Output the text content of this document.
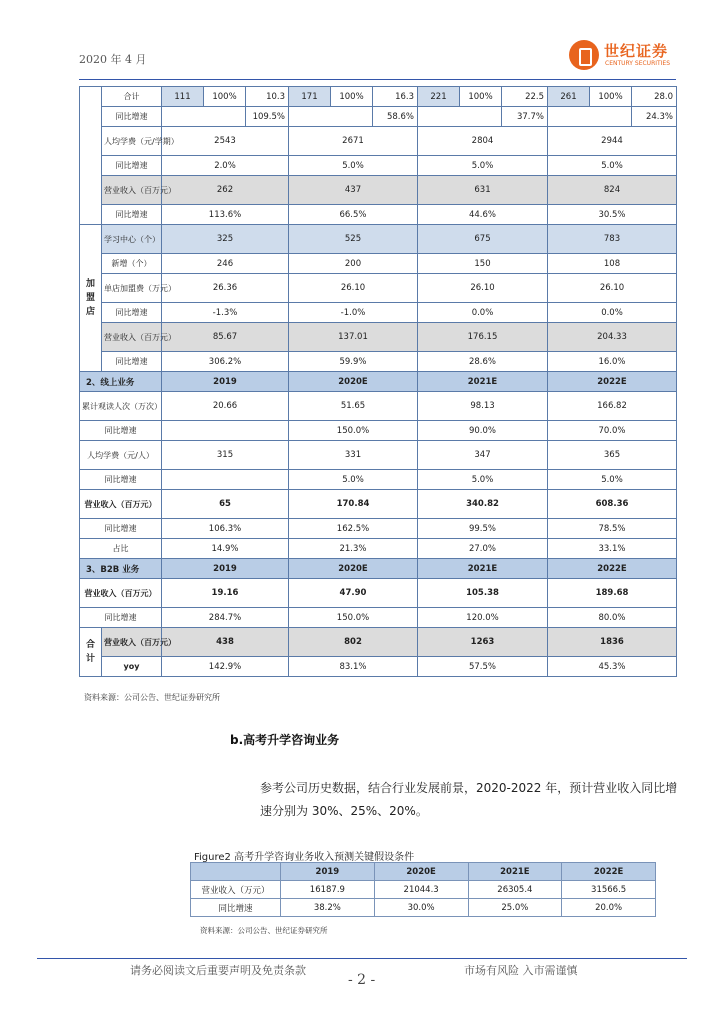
2020 年 4 月	世纪证券
CENTURY SECURITIES
	合计	111	100%	10.3	171	100%	16.3	221	100%	22.5	261	100%	28.0
	同比增速			109.5%			58.6%			37.7%			24.3%
	人均学费（元/学期）	2543			2671			2804			2944		
	同比增速	2.0%			5.0%			5.0%			5.0%		
	营业收入（百万元）	262			437			631			824		
	同比增速	113.6%			66.5%			44.6%			30.5%		
加
盟
店	学习中心（个）	325			525			675			783		
	新增（个）	246			200			150			108		
	单店加盟费（万元）	26.36			26.10			26.10			26.10		
	同比增速	-1.3%			-1.0%			0.0%			0.0%		
	营业收入（百万元）	85.67			137.01			176.15			204.33		
	同比增速	306.2%			59.9%			28.6%			16.0%		
2、线上业务		2019			2020E			2021E			2022E		
累计观读人次（万次）		20.66			51.65			98.13			166.82		
同比增速					150.0%			90.0%			70.0%		
人均学费（元/人）		315			331			347			365		
同比增速					5.0%			5.0%			5.0%		
营业收入（百万元）		65			170.84			340.82			608.36		
同比增速		106.3%			162.5%			99.5%			78.5%		
占比		14.9%			21.3%			27.0%			33.1%		
3、B2B 业务		2019			2020E			2021E			2022E		
营业收入（百万元）		19.16			47.90			105.38			189.68		
同比增速		284.7%			150.0%			120.0%			80.0%		
合
计	营业收入（百万元）	438			802			1263			1836		
	yoy	142.9%			83.1%			57.5%			45.3%		
资料来源：公司公告、世纪证券研究所
b.高考升学咨询业务
参考公司历史数据，结合行业发展前景，2020-2022 年，预计营业收入同比增
速分别为 30%、25%、20%。
Figure2 高考升学咨询业务收入预测关键假设条件
	2019	2020E	2021E	2022E
营业收入（万元）	16187.9	21044.3	26305.4	31566.5
同比增速	38.2%	30.0%	25.0%	20.0%
资料来源：公司公告、世纪证券研究所
请务必阅读文后重要声明及免责条款	市场有风险 入市需谨慎
- 2 -
